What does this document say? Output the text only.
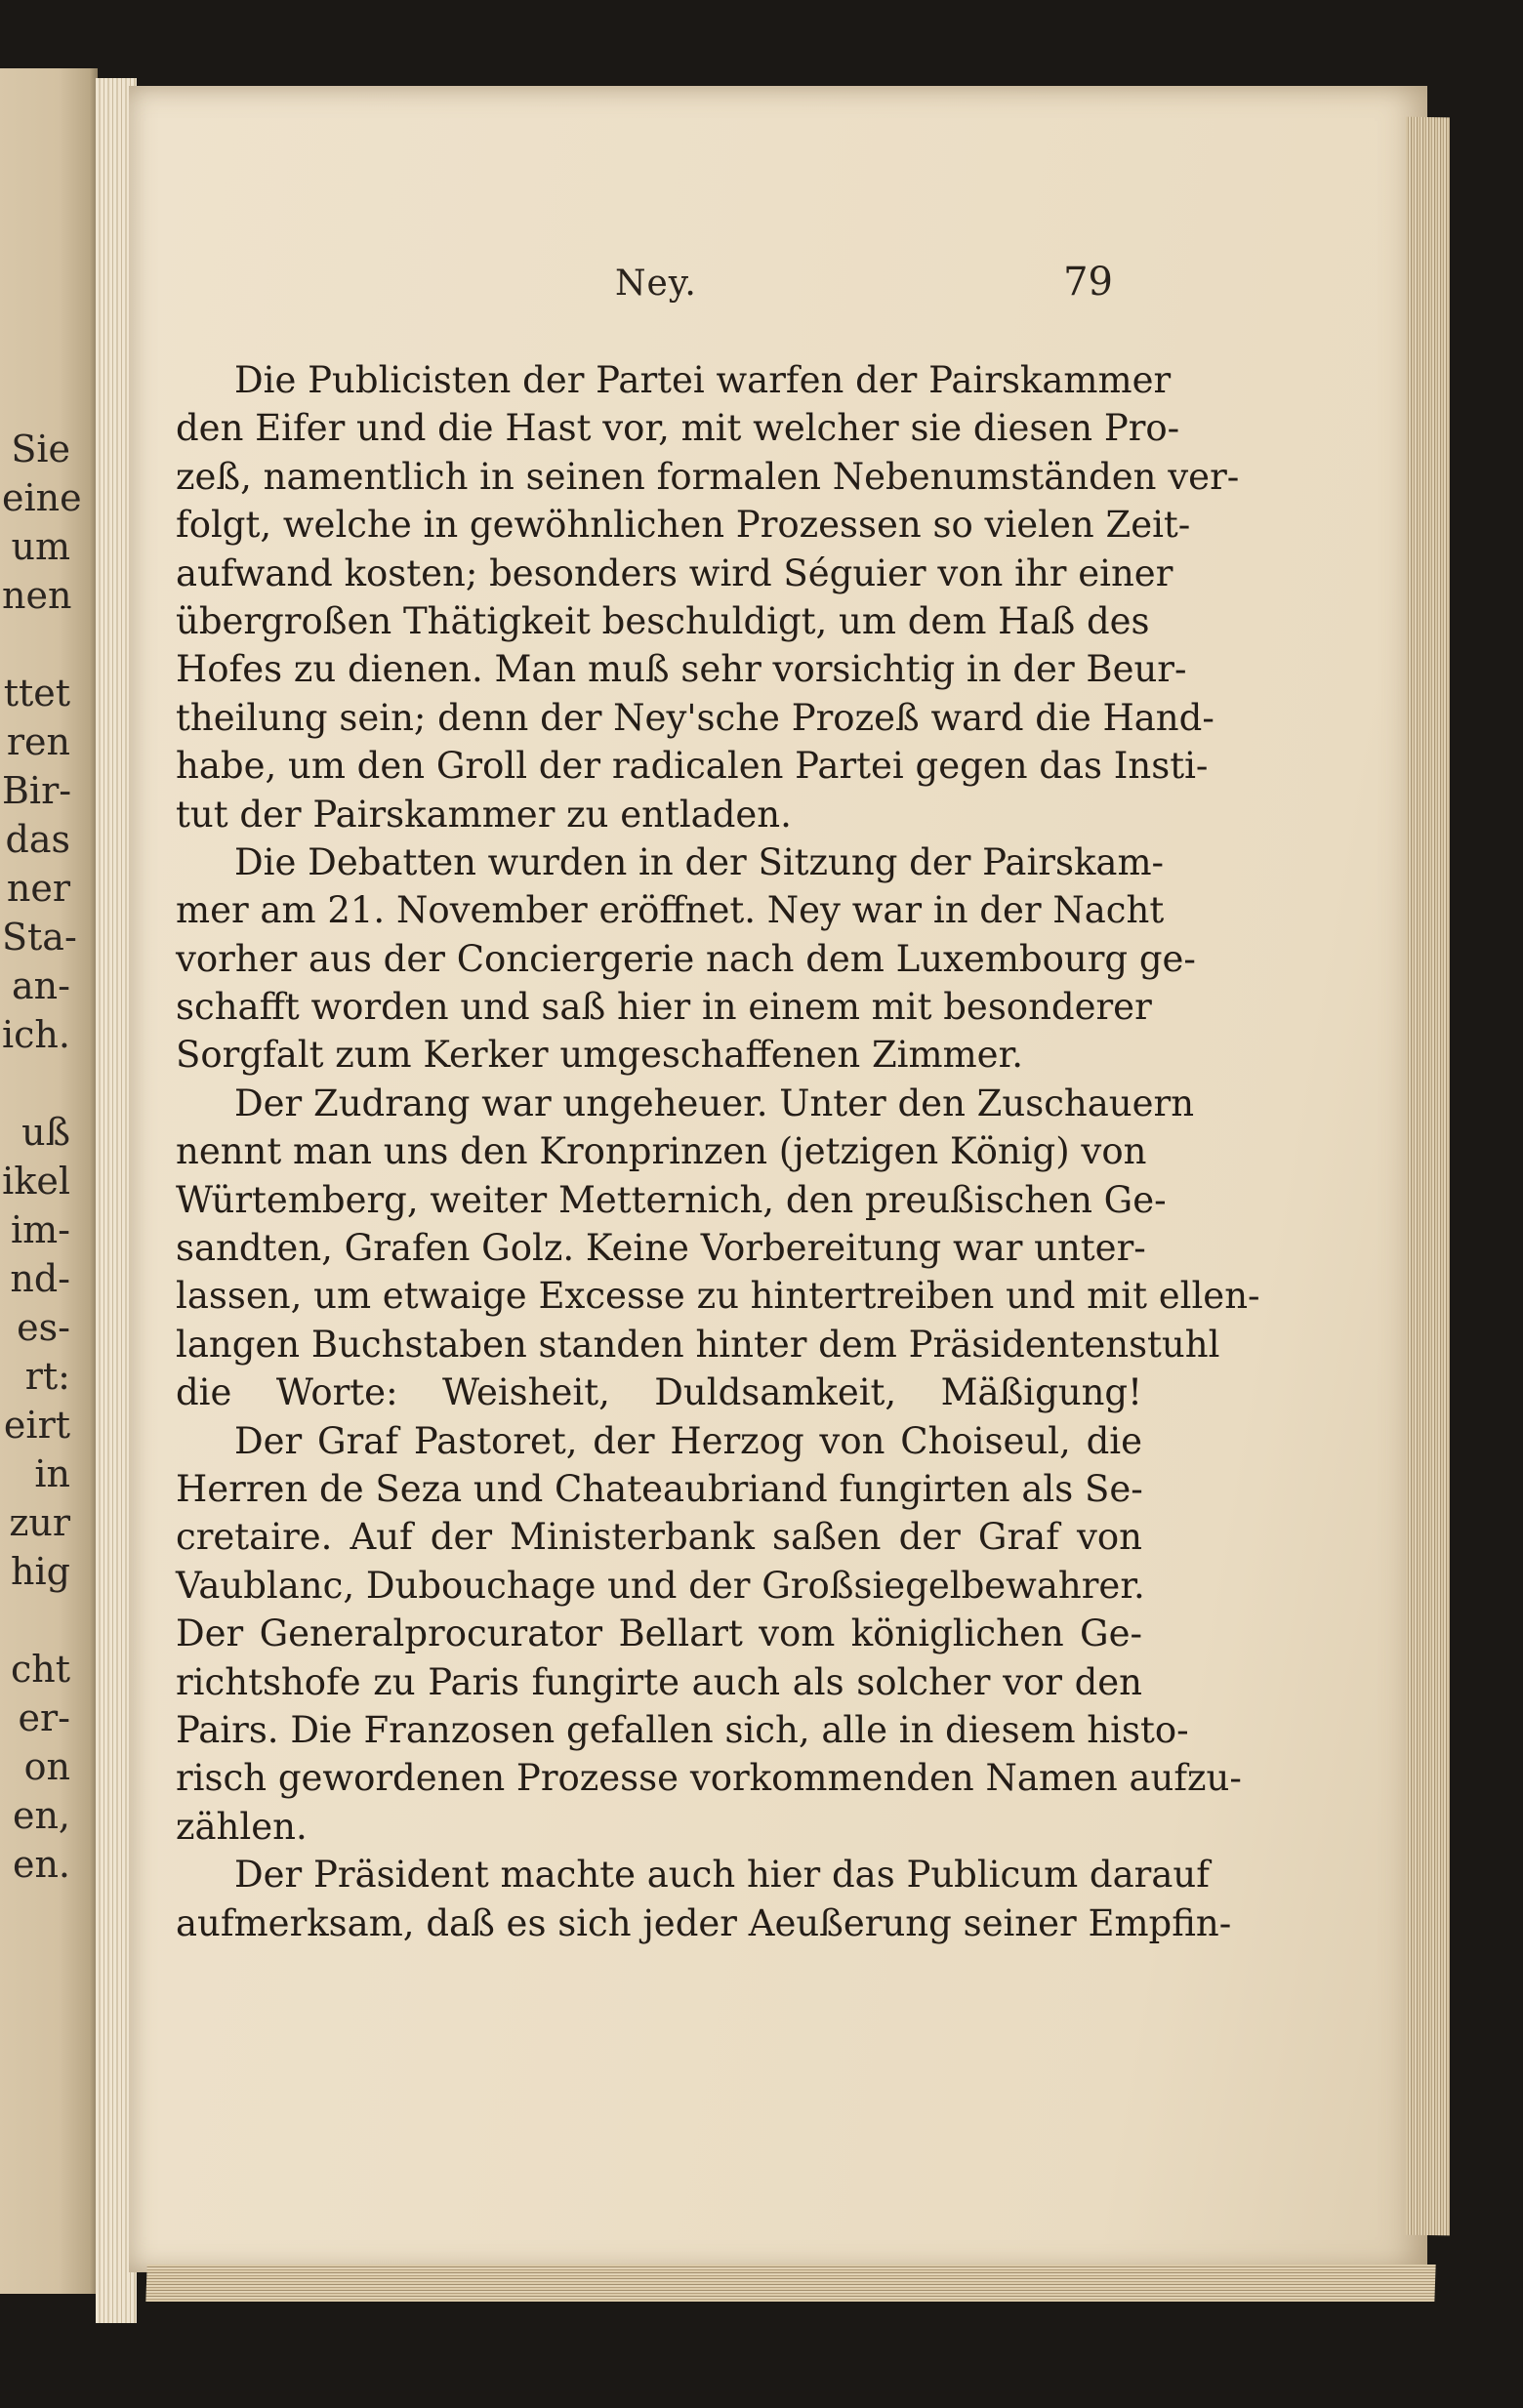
Sie
eine
um
nen
ttet
ren
Bir-
das
ner
Sta-
an-
ich.
uß
ikel
im-
nd-
es-
rt:
eirt
in
zur
hig
cht
er-
on
en,
en.
Ney.	79
Die Publicisten der Partei warfen der Pairskammer
den Eifer und die Hast vor, mit welcher sie diesen Pro-
zeß, namentlich in seinen formalen Nebenumständen ver-
folgt, welche in gewöhnlichen Prozessen so vielen Zeit-
aufwand kosten; besonders wird Séguier von ihr einer
übergroßen Thätigkeit beschuldigt, um dem Haß des
Hofes zu dienen. Man muß sehr vorsichtig in der Beur-
theilung sein; denn der Ney'sche Prozeß ward die Hand-
habe, um den Groll der radicalen Partei gegen das Insti-
tut der Pairskammer zu entladen.
Die Debatten wurden in der Sitzung der Pairskam-
mer am 21. November eröffnet. Ney war in der Nacht
vorher aus der Conciergerie nach dem Luxembourg ge-
schafft worden und saß hier in einem mit besonderer
Sorgfalt zum Kerker umgeschaffenen Zimmer.
Der Zudrang war ungeheuer. Unter den Zuschauern
nennt man uns den Kronprinzen (jetzigen König) von
Würtemberg, weiter Metternich, den preußischen Ge-
sandten, Grafen Golz. Keine Vorbereitung war unter-
lassen, um etwaige Excesse zu hintertreiben und mit ellen-
langen Buchstaben standen hinter dem Präsidentenstuhl
die Worte: Weisheit, Duldsamkeit, Mäßigung!
Der Graf Pastoret, der Herzog von Choiseul, die
Herren de Seza und Chateaubriand fungirten als Se-
cretaire. Auf der Ministerbank saßen der Graf von
Vaublanc, Dubouchage und der Großsiegelbewahrer.
Der Generalprocurator Bellart vom königlichen Ge-
richtshofe zu Paris fungirte auch als solcher vor den
Pairs. Die Franzosen gefallen sich, alle in diesem histo-
risch gewordenen Prozesse vorkommenden Namen aufzu-
zählen.
Der Präsident machte auch hier das Publicum darauf
aufmerksam, daß es sich jeder Aeußerung seiner Empfin-
